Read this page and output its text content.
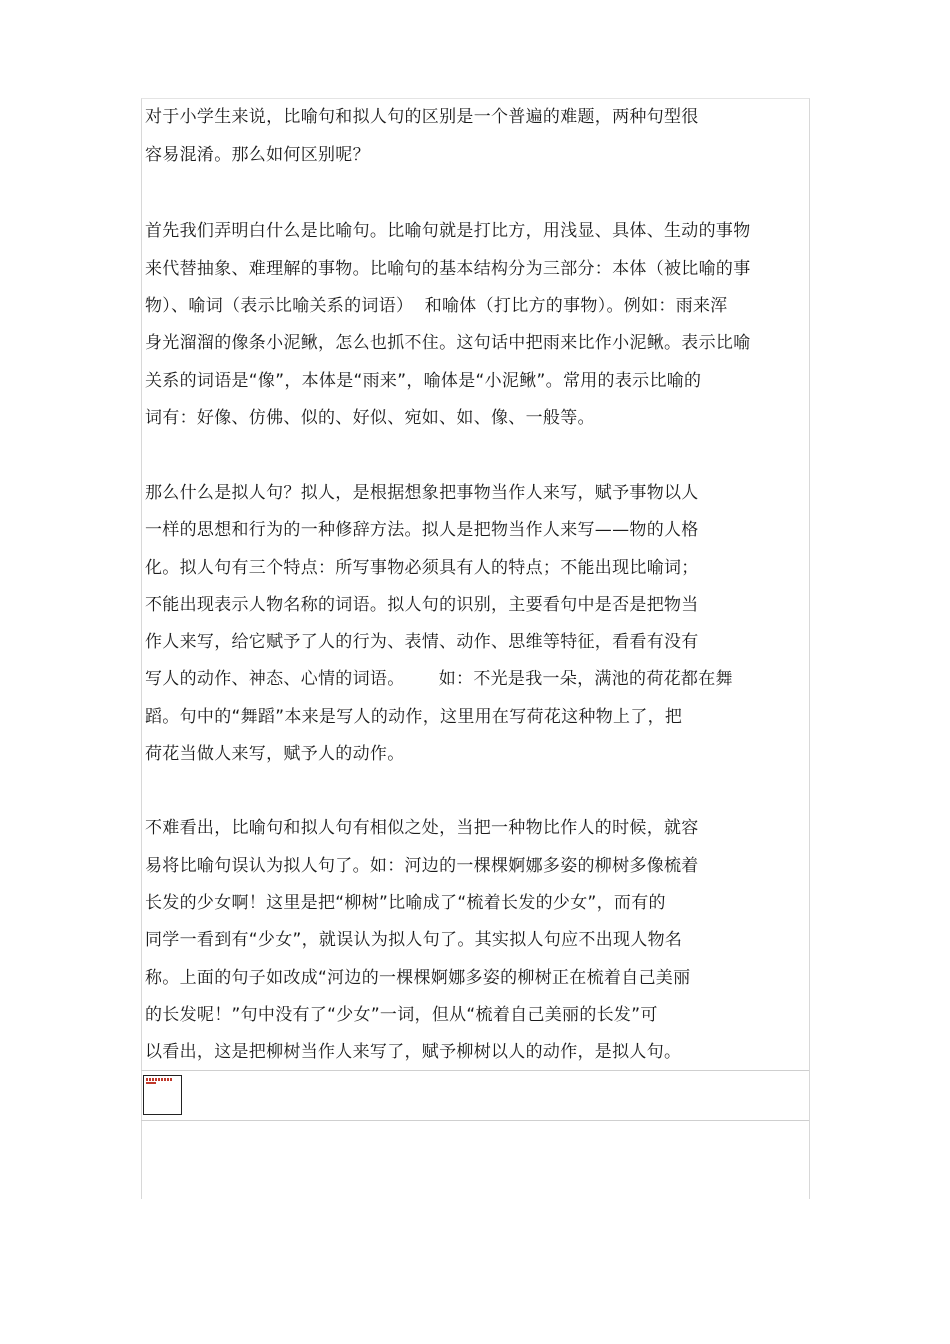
对于小学生来说，比喻句和拟人句的区别是一个普遍的难题，两种句型很
容易混淆。那么如何区别呢？
首先我们弄明白什么是比喻句。比喻句就是打比方，用浅显、具体、生动的事物
来代替抽象、难理解的事物。比喻句的基本结构分为三部分：本体（被比喻的事
物）、喻词（表示比喻关系的词语）  和喻体（打比方的事物）。例如：雨来浑
身光溜溜的像条小泥鳅，怎么也抓不住。这句话中把雨来比作小泥鳅。表示比喻
关系的词语是“像”，本体是“雨来”，喻体是“小泥鳅”。常用的表示比喻的
词有：好像、仿佛、似的、好似、宛如、如、像、一般等。
那么什么是拟人句？拟人，是根据想象把事物当作人来写，赋予事物以人
一样的思想和行为的一种修辞方法。拟人是把物当作人来写——物的人格
化。拟人句有三个特点：所写事物必须具有人的特点；不能出现比喻词；
不能出现表示人物名称的词语。拟人句的识别，主要看句中是否是把物当
作人来写，给它赋予了人的行为、表情、动作、思维等特征，看看有没有
写人的动作、神态、心情的词语。      如：不光是我一朵，满池的荷花都在舞
蹈。句中的“舞蹈”本来是写人的动作，这里用在写荷花这种物上了，把
荷花当做人来写，赋予人的动作。
不难看出，比喻句和拟人句有相似之处，当把一种物比作人的时候，就容
易将比喻句误认为拟人句了。如：河边的一棵棵婀娜多姿的柳树多像梳着
长发的少女啊！这里是把“柳树”比喻成了“梳着长发的少女”，而有的
同学一看到有“少女”，就误认为拟人句了。其实拟人句应不出现人物名
称。上面的句子如改成“河边的一棵棵婀娜多姿的柳树正在梳着自己美丽
的长发呢！”句中没有了“少女”一词，但从“梳着自己美丽的长发”可
以看出，这是把柳树当作人来写了，赋予柳树以人的动作，是拟人句。
